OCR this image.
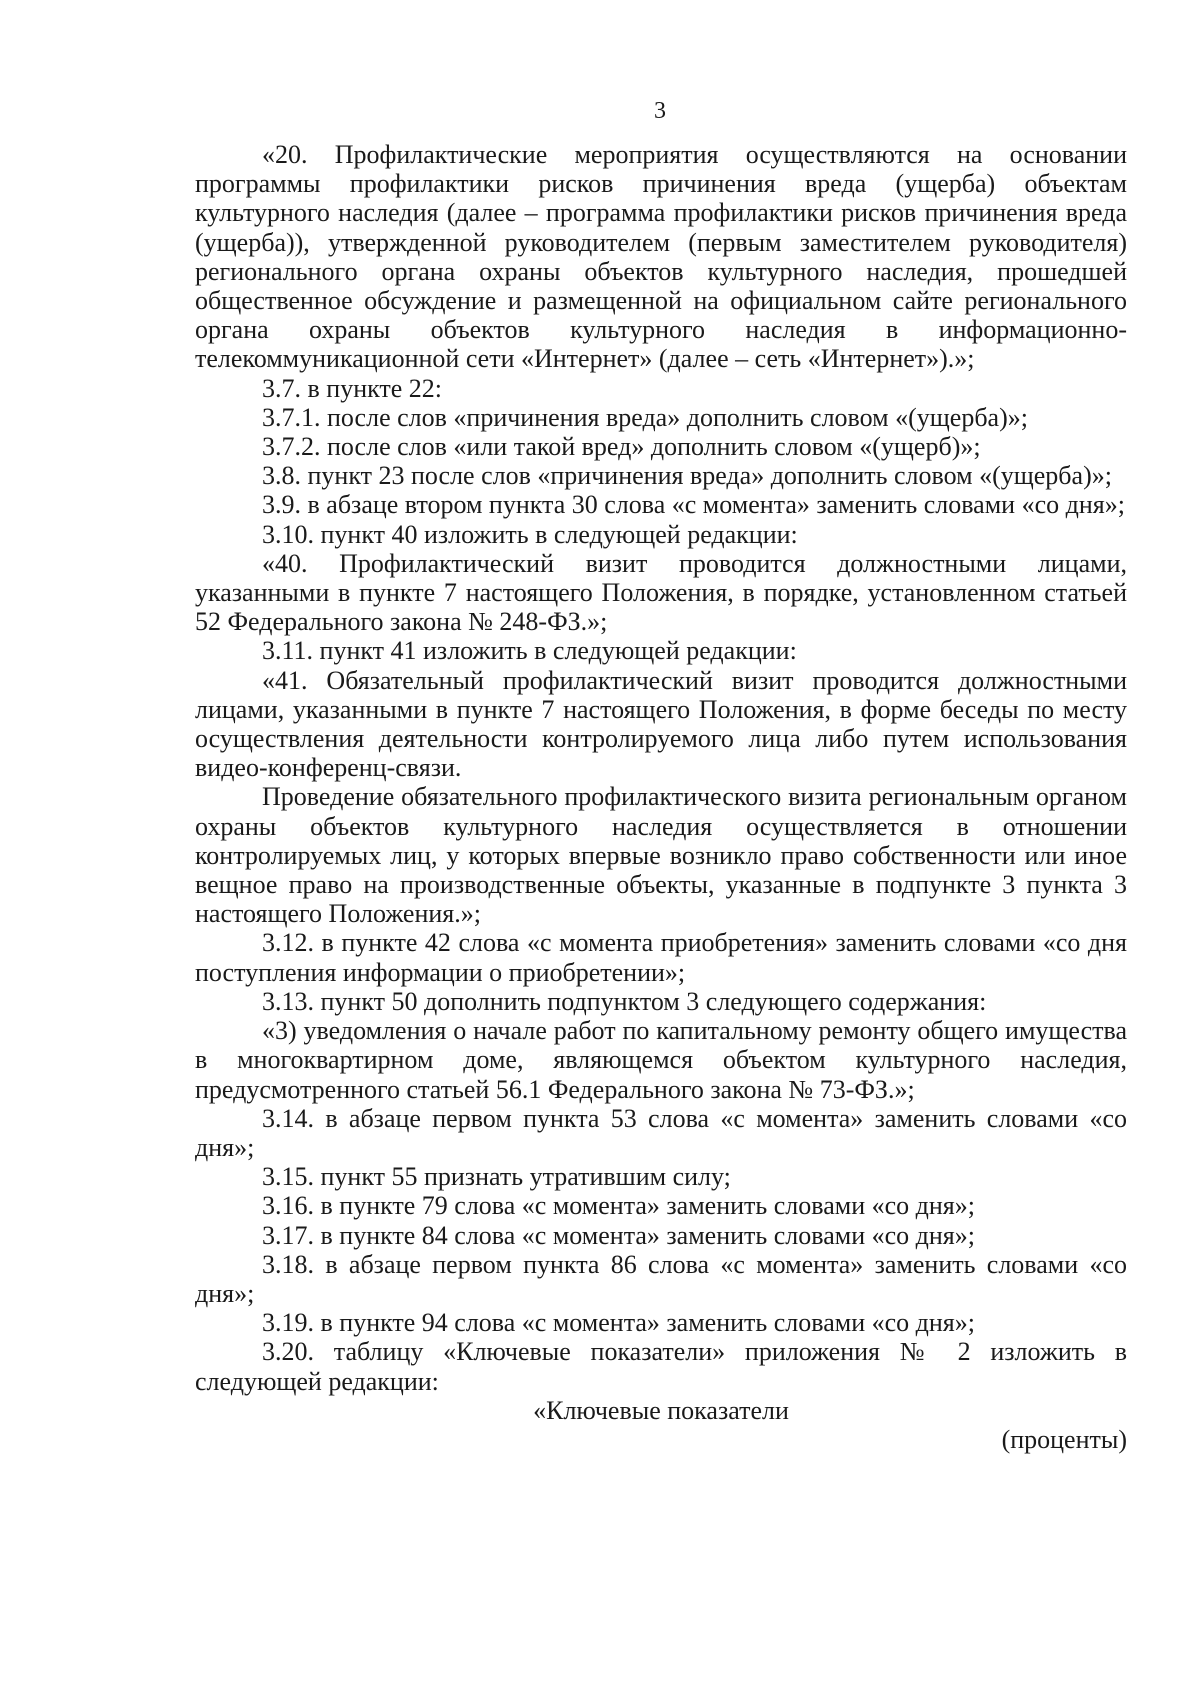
3

«20. Профилактические мероприятия осуществляются на основании программы профилактики рисков причинения вреда (ущерба) объектам культурного наследия (далее – программа профилактики рисков причинения вреда (ущерба)), утвержденной руководителем (первым заместителем руководителя) регионального органа охраны объектов культурного наследия, прошедшей общественное обсуждение и размещенной на официальном сайте регионального органа охраны объектов культурного наследия в информационно-телекоммуникационной сети «Интернет» (далее – сеть «Интернет»).»;

3.7. в пункте 22:

3.7.1. после слов «причинения вреда» дополнить словом «(ущерба)»;

3.7.2. после слов «или такой вред» дополнить словом «(ущерб)»;

3.8. пункт 23 после слов «причинения вреда» дополнить словом «(ущерба)»;

3.9. в абзаце втором пункта 30 слова «с момента» заменить словами «со дня»;

3.10. пункт 40 изложить в следующей редакции:

«40. Профилактический визит проводится должностными лицами, указанными в пункте 7 настоящего Положения, в порядке, установленном статьей 52 Федерального закона № 248-ФЗ.»;

3.11. пункт 41 изложить в следующей редакции:

«41. Обязательный профилактический визит проводится должностными лицами, указанными в пункте 7 настоящего Положения, в форме беседы по месту осуществления деятельности контролируемого лица либо путем использования видео-конференц-связи.

Проведение обязательного профилактического визита региональным органом охраны объектов культурного наследия осуществляется в отношении контролируемых лиц, у которых впервые возникло право собственности или иное вещное право на производственные объекты, указанные в подпункте 3 пункта 3 настоящего Положения.»;

3.12. в пункте 42 слова «с момента приобретения» заменить словами «со дня поступления информации о приобретении»;

3.13. пункт 50 дополнить подпунктом 3 следующего содержания:

«3) уведомления о начале работ по капитальному ремонту общего имущества в многоквартирном доме, являющемся объектом культурного наследия, предусмотренного статьей 56.1 Федерального закона № 73-ФЗ.»;

3.14. в абзаце первом пункта 53 слова «с момента» заменить словами «со дня»;

3.15. пункт 55 признать утратившим силу;

3.16. в пункте 79 слова «с момента» заменить словами «со дня»;

3.17. в пункте 84 слова «с момента» заменить словами «со дня»;

3.18. в абзаце первом пункта 86 слова «с момента» заменить словами «со дня»;

3.19. в пункте 94 слова «с момента» заменить словами «со дня»;

3.20. таблицу «Ключевые показатели» приложения № 2 изложить в следующей редакции:

«Ключевые показатели

(проценты)
